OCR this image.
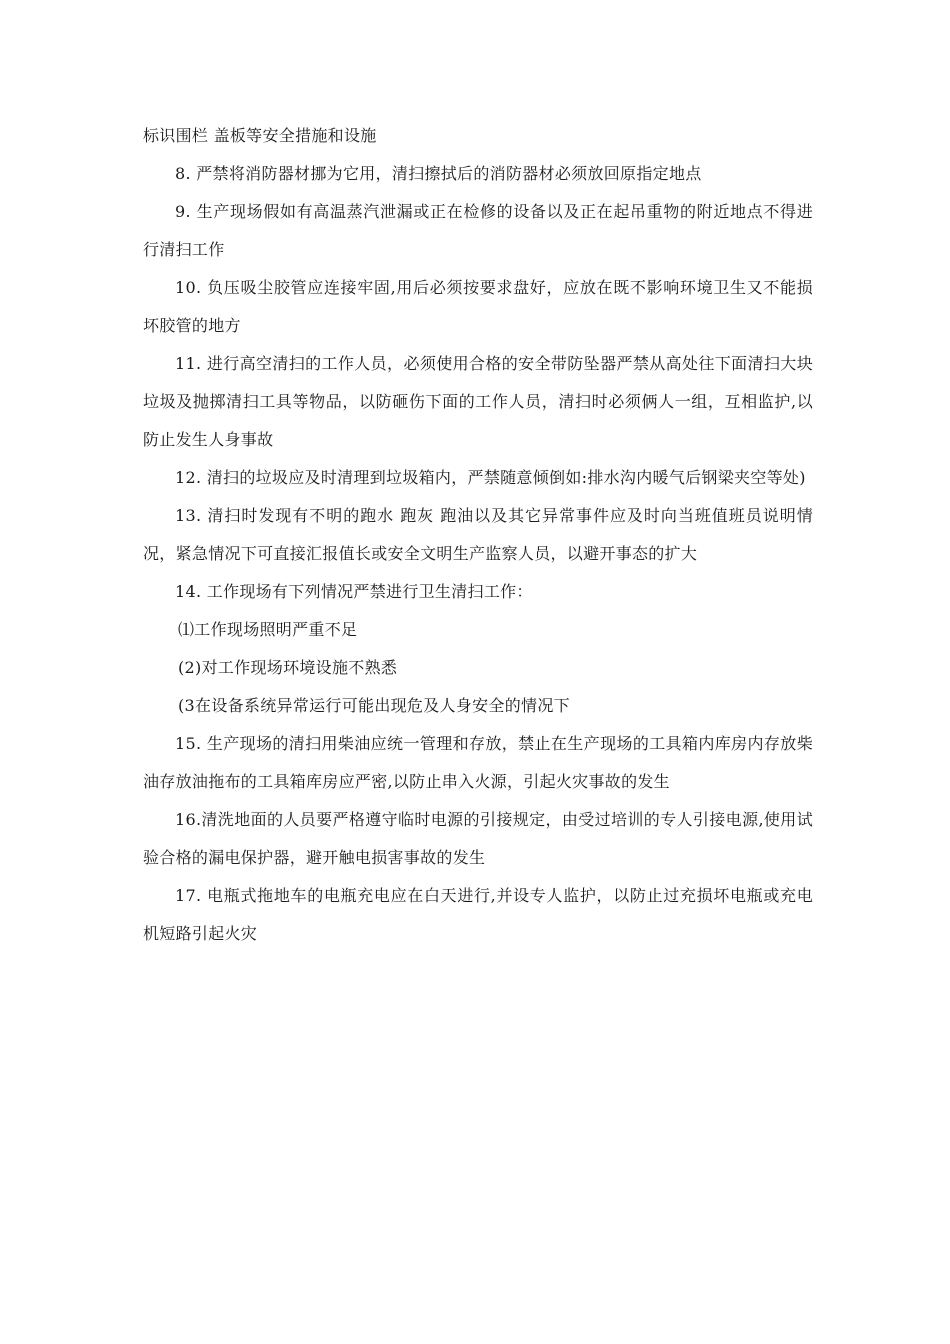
标识围栏 盖板等安全措施和设施

8. 严禁将消防器材挪为它用，清扫擦拭后的消防器材必须放回原指定地点

9. 生产现场假如有高温蒸汽泄漏或正在检修的设备以及正在起吊重物的附近地点不得进行清扫工作

10. 负压吸尘胶管应连接牢固,用后必须按要求盘好，应放在既不影响环境卫生又不能损坏胶管的地方

11. 进行高空清扫的工作人员，必须使用合格的安全带防坠器严禁从高处往下面清扫大块垃圾及抛掷清扫工具等物品，以防砸伤下面的工作人员，清扫时必须俩人一组，互相监护,以防止发生人身事故

12. 清扫的垃圾应及时清理到垃圾箱内，严禁随意倾倒如:排水沟内暖气后钢梁夹空等处)

13. 清扫时发现有不明的跑水 跑灰 跑油以及其它异常事件应及时向当班值班员说明情况，紧急情况下可直接汇报值长或安全文明生产监察人员，以避开事态的扩大

14. 工作现场有下列情况严禁进行卫生清扫工作：

⑴工作现场照明严重不足

(2)对工作现场环境设施不熟悉

(3在设备系统异常运行可能出现危及人身安全的情况下

15. 生产现场的清扫用柴油应统一管理和存放，禁止在生产现场的工具箱内库房内存放柴油存放油拖布的工具箱库房应严密,以防止串入火源，引起火灾事故的发生

16.清洗地面的人员要严格遵守临时电源的引接规定，由受过培训的专人引接电源,使用试验合格的漏电保护器，避开触电损害事故的发生

17. 电瓶式拖地车的电瓶充电应在白天进行,并设专人监护，以防止过充损坏电瓶或充电机短路引起火灾
